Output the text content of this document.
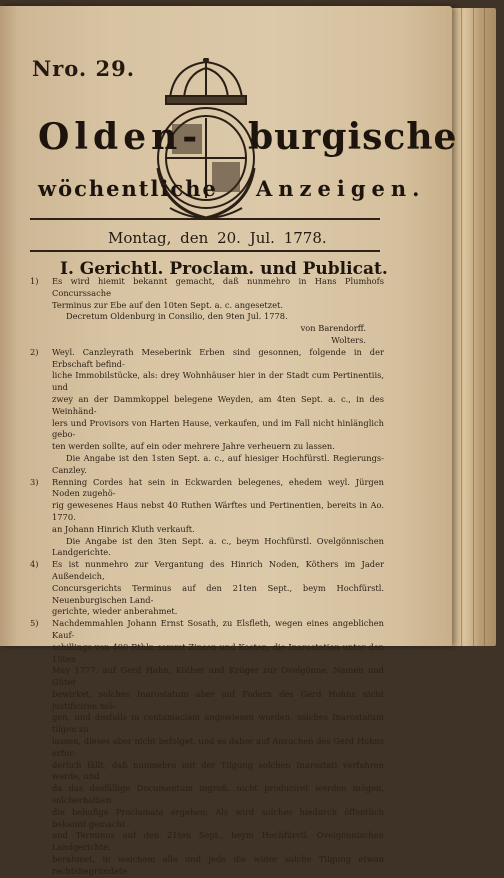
Nro. 29.
Olden- burgische
wöchentliche Anzeigen.
Montag, den 20. Jul. 1778.
I. Gerichtl. Proclam. und Publicat.
1) Es wird hiemit bekannt gemacht, daß nunmehro in Hans Plumhofs Concurssache
Terminus zur Ebe auf den 10ten Sept. a. c. angesetzet.
Decretum Oldenburg in Consilio, den 9ten Jul. 1778.
von Barendorff.
Wolters.
2) Weyl. Canzleyrath Meseberink Erben sind gesonnen, folgende in der Erbschaft befind-
liche Immobilstücke, als: drey Wohnhäuser hier in der Stadt cum Pertinentiis, und
zwey an der Dammkoppel belegene Weyden, am 4ten Sept. a. c., in des Weinhänd-
lers und Provisors von Harten Hause, verkaufen, und im Fall nicht hinlänglich gebo-
ten werden sollte, auf ein oder mehrere Jahre verheuern zu lassen.
Die Angabe ist den 1sten Sept. a. c., auf hiesiger Hochfürstl. Regierungs-Canzley.
3) Renning Cordes hat sein in Eckwarden belegenes, ehedem weyl. Jürgen Noden zugehö-
rig gewesenes Haus nebst 40 Ruthen Wärftes und Pertinentien, bereits in Ao. 1770.
an Johann Hinrich Kluth verkauft.
Die Angabe ist den 3ten Sept. a. c., beym Hochfürstl. Ovelgönnischen Landgerichte.
4) Es ist nunmehro zur Vergantung des Hinrich Noden, Köthers im Jader Außendeich,
Concursgerichts Terminus auf den 21ten Sept., beym Hochfürstl. Neuenburgischen Land-
gerichte, wieder anberahmet.
5) Nachdemmahlen Johann Ernst Sosath, zu Elsfleth, wegen eines angeblichen Kauf-
schillings von 400 Rthlr. sammt Zinsen und Kosten, die Inarostation unter den 15ten
May 1777. auf Gerd Hohn, Köther und Krüger zur Ovelgönne, Namen und Güter
bewirket, solches Inarostatum aber auf Fodern des Gerd Hohns nicht justificiren mö-
gen, und desfalls in contumaciam angewiesen worden, solches Inarostatum tilgen zu
lassen, dieses aber nicht befolget, und es daher auf Ansuchen des Gerd Hohns erfor-
derlich fällt, daß nunmehro mit der Tilgung solchen Inarostati verfahren werde, und
da das desfällige Documentum ingroß. nicht produciret werden mögen, solcherhalben
die behufige Proclamata ergehen: Als wird solches hiedurch öffentlich bekannt gemacht
und Terminus auf den 21ten Sept., beym Hochfürstl. Ovelgönnischen Landgerichte,
berahmet, in welchem alle und jede die wider solche Tilgung etwan rechtsbegründete
